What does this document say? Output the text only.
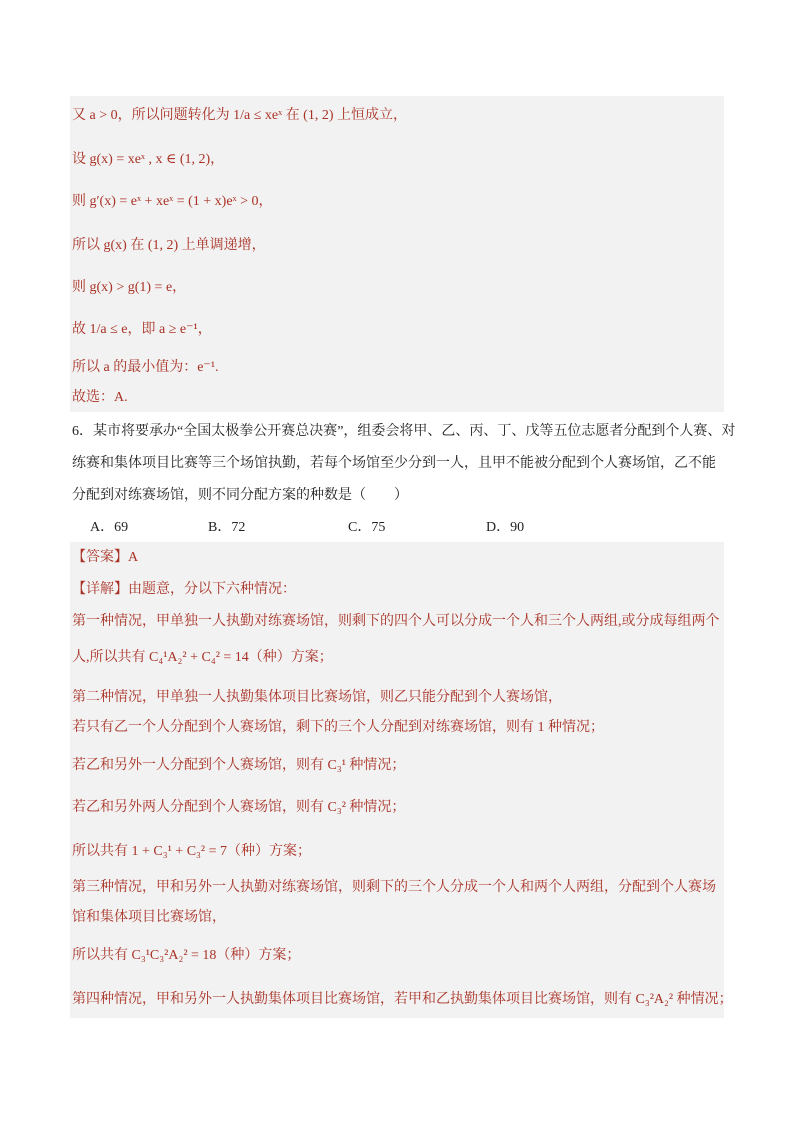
又 a > 0，所以问题转化为 1/a ≤ xeˣ 在 (1, 2) 上恒成立，
设 g(x) = xeˣ , x ∈ (1, 2)，
则 g′(x) = eˣ + xeˣ = (1 + x)eˣ > 0，
所以 g(x) 在 (1, 2) 上单调递增，
则 g(x) > g(1) = e，
故 1/a ≤ e，即 a ≥ e⁻¹，
所以 a 的最小值为：e⁻¹.
故选：A.
6．某市将要承办“全国太极拳公开赛总决赛”，组委会将甲、乙、丙、丁、戊等五位志愿者分配到个人赛、对
练赛和集体项目比赛等三个场馆执勤，若每个场馆至少分到一人，且甲不能被分配到个人赛场馆，乙不能
分配到对练赛场馆，则不同分配方案的种数是（　　）
A．69	B．72	C．75	D．90
【答案】A
【详解】由题意，分以下六种情况：
第一种情况，甲单独一人执勤对练赛场馆，则剩下的四个人可以分成一个人和三个人两组,或分成每组两个
人,所以共有 C₄¹A₂² + C₄² = 14（种）方案；
第二种情况，甲单独一人执勤集体项目比赛场馆，则乙只能分配到个人赛场馆，
若只有乙一个人分配到个人赛场馆，剩下的三个人分配到对练赛场馆，则有 1 种情况；
若乙和另外一人分配到个人赛场馆，则有 C₃¹ 种情况；
若乙和另外两人分配到个人赛场馆，则有 C₃² 种情况；
所以共有 1 + C₃¹ + C₃² = 7（种）方案；
第三种情况，甲和另外一人执勤对练赛场馆，则剩下的三个人分成一个人和两个人两组，分配到个人赛场
馆和集体项目比赛场馆，
所以共有 C₃¹C₃²A₂² = 18（种）方案；
第四种情况，甲和另外一人执勤集体项目比赛场馆，若甲和乙执勤集体项目比赛场馆，则有 C₃²A₂² 种情况；
